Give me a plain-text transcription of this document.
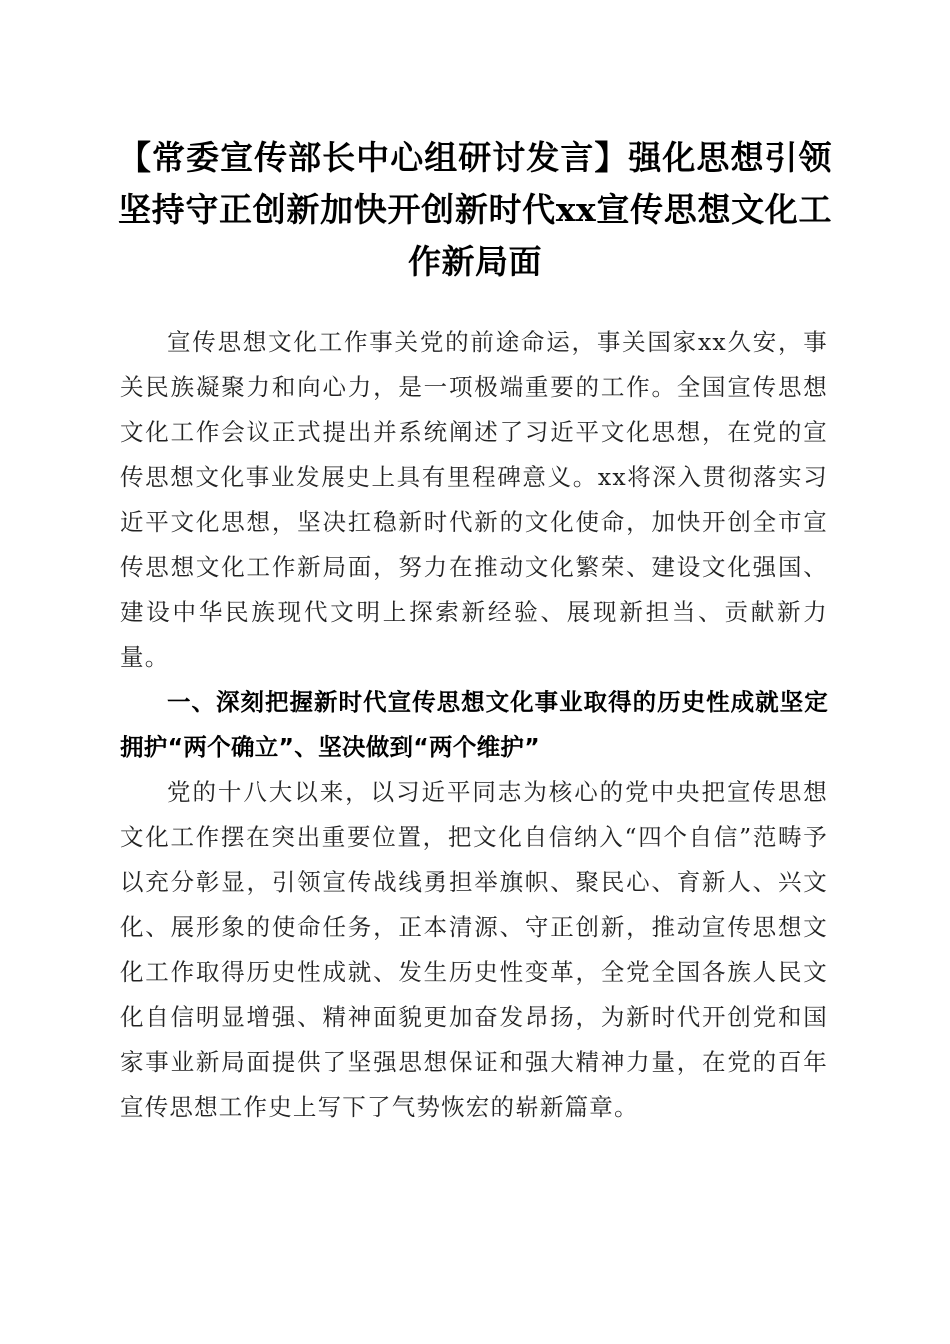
【常委宣传部长中心组研讨发言】强化思想引领坚持守正创新加快开创新时代xx宣传思想文化工作新局面

宣传思想文化工作事关党的前途命运，事关国家xx久安，事关民族凝聚力和向心力，是一项极端重要的工作。全国宣传思想文化工作会议正式提出并系统阐述了习近平文化思想，在党的宣传思想文化事业发展史上具有里程碑意义。xx将深入贯彻落实习近平文化思想，坚决扛稳新时代新的文化使命，加快开创全市宣传思想文化工作新局面，努力在推动文化繁荣、建设文化强国、建设中华民族现代文明上探索新经验、展现新担当、贡献新力量。

一、深刻把握新时代宣传思想文化事业取得的历史性成就坚定拥护“两个确立”、坚决做到“两个维护”

党的十八大以来，以习近平同志为核心的党中央把宣传思想文化工作摆在突出重要位置，把文化自信纳入“四个自信”范畴予以充分彰显，引领宣传战线勇担举旗帜、聚民心、育新人、兴文化、展形象的使命任务，正本清源、守正创新，推动宣传思想文化工作取得历史性成就、发生历史性变革，全党全国各族人民文化自信明显增强、精神面貌更加奋发昂扬，为新时代开创党和国家事业新局面提供了坚强思想保证和强大精神力量，在党的百年宣传思想工作史上写下了气势恢宏的崭新篇章。
